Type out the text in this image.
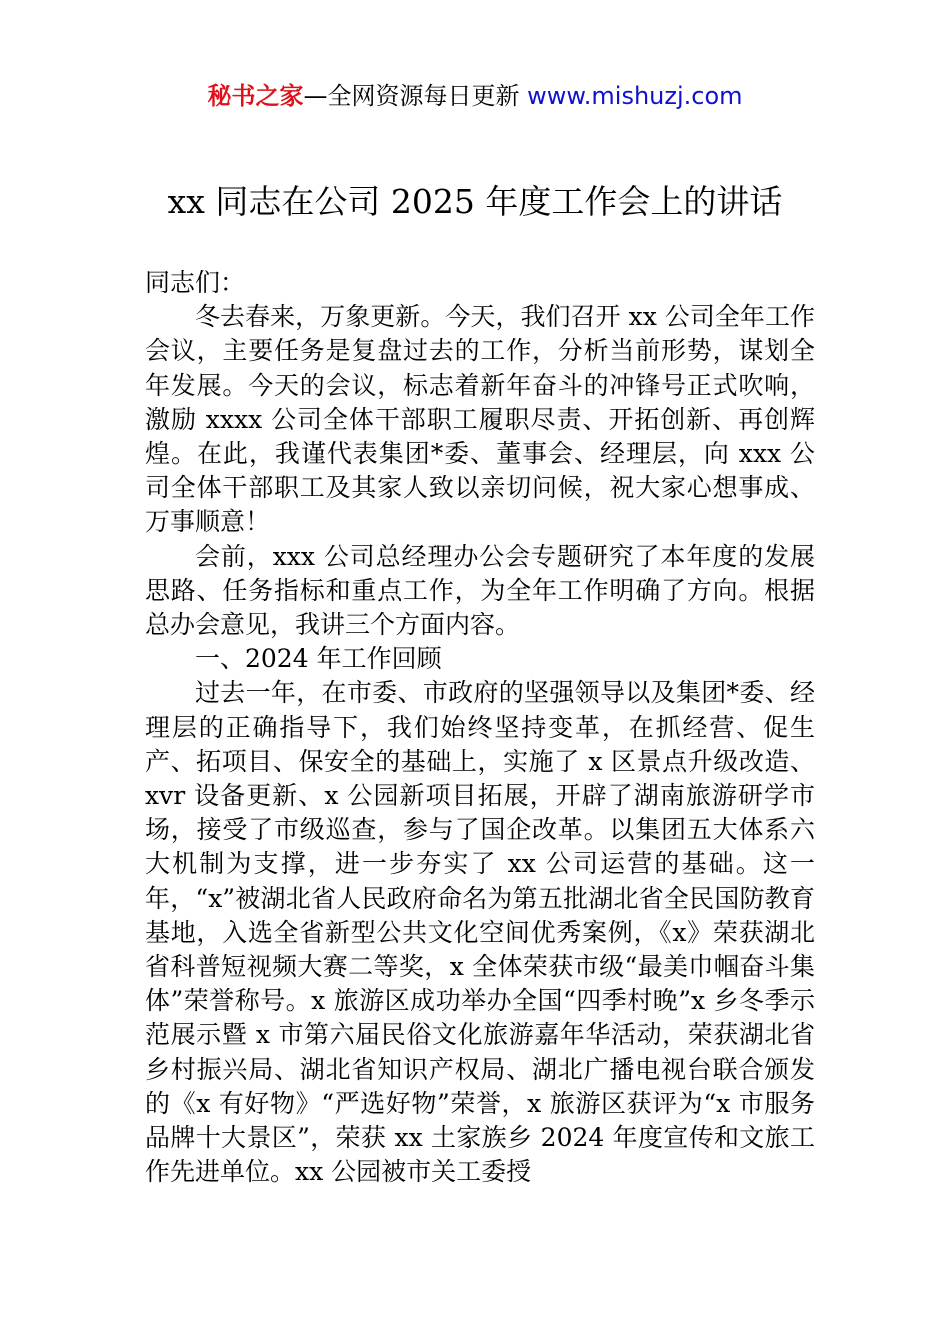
秘书之家—全网资源每日更新 www.mishuzj.com
xx 同志在公司 2025 年度工作会上的讲话

同志们：

冬去春来，万象更新。今天，我们召开 xx 公司全年工作会议，主要任务是复盘过去的工作，分析当前形势，谋划全年发展。今天的会议，标志着新年奋斗的冲锋号正式吹响，激励 xxxx 公司全体干部职工履职尽责、开拓创新、再创辉煌。在此，我谨代表集团*委、董事会、经理层，向 xxx 公司全体干部职工及其家人致以亲切问候，祝大家心想事成、万事顺意！

会前，xxx 公司总经理办公会专题研究了本年度的发展思路、任务指标和重点工作，为全年工作明确了方向。根据总办会意见，我讲三个方面内容。

一、2024 年工作回顾

过去一年，在市委、市政府的坚强领导以及集团*委、经理层的正确指导下，我们始终坚持变革，在抓经营、促生产、拓项目、保安全的基础上，实施了 x 区景点升级改造、xvr 设备更新、x 公园新项目拓展，开辟了湖南旅游研学市场，接受了市级巡查，参与了国企改革。以集团五大体系六大机制为支撑，进一步夯实了 xx 公司运营的基础。这一年，“x”被湖北省人民政府命名为第五批湖北省全民国防教育基地，入选全省新型公共文化空间优秀案例，《x》荣获湖北省科普短视频大赛二等奖，x 全体荣获市级“最美巾帼奋斗集体”荣誉称号。x 旅游区成功举办全国“四季村晚”x 乡冬季示范展示暨 x 市第六届民俗文化旅游嘉年华活动，荣获湖北省乡村振兴局、湖北省知识产权局、湖北广播电视台联合颁发的《x 有好物》“严选好物”荣誉，x 旅游区获评为“x 市服务品牌十大景区”，荣获 xx 土家族乡 2024 年度宣传和文旅工作先进单位。xx 公园被市关工委授
